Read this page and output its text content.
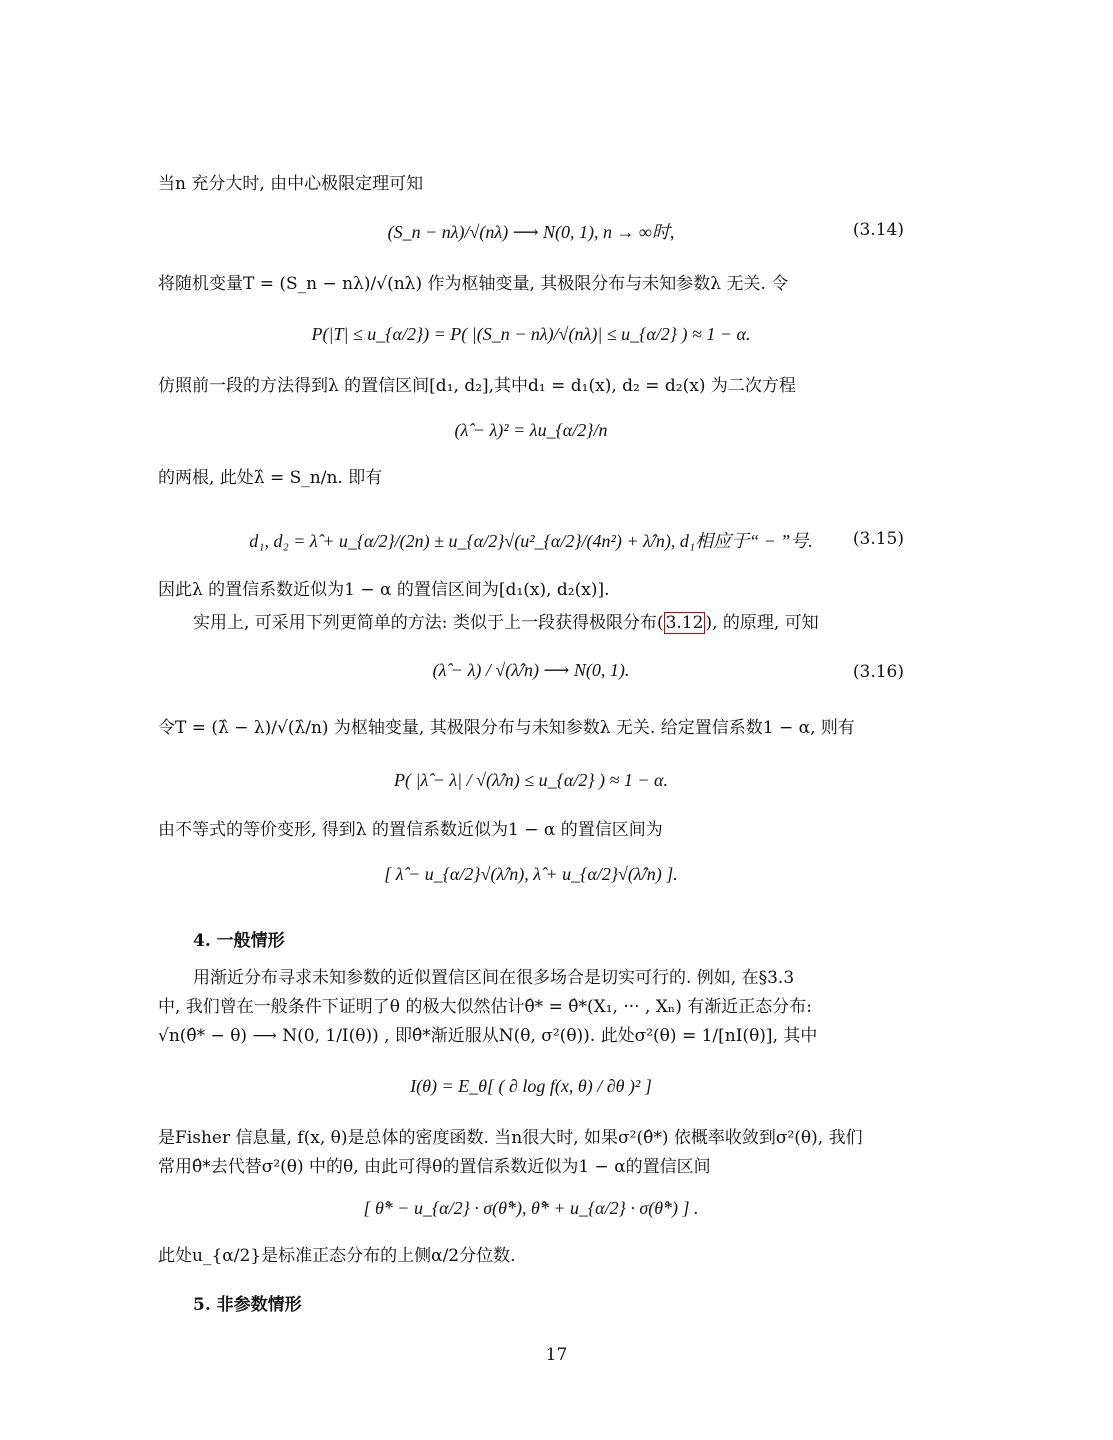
当n 充分大时, 由中心极限定理可知
(S_n − nλ)/√(nλ) ⟶ N(0, 1), n → ∞时,	(3.14)
将随机变量T = (S_n − nλ)/√(nλ) 作为枢轴变量, 其极限分布与未知参数λ 无关. 令
P(|T| ≤ u_{α/2}) = P( |(S_n − nλ)/√(nλ)| ≤ u_{α/2} ) ≈ 1 − α.
仿照前一段的方法得到λ 的置信区间[d₁, d₂],其中d₁ = d₁(x), d₂ = d₂(x) 为二次方程
(λ̂ − λ)² = λu_{α/2}/n
的两根, 此处λ̂ = S_n/n. 即有
d₁, d₂ = λ̂ + u_{α/2}/(2n) ± u_{α/2}√(u²_{α/2}/(4n²) + λ̂/n), d₁相应于“ − ”号.	(3.15)
因此λ 的置信系数近似为1 − α 的置信区间为[d₁(x), d₂(x)].
实用上, 可采用下列更简单的方法: 类似于上一段获得极限分布( 3.12 ), 的原理, 可知
(λ̂ − λ) / √(λ̂/n) ⟶ N(0, 1).	(3.16)
令T = (λ̂ − λ)/√(λ̂/n) 为枢轴变量, 其极限分布与未知参数λ 无关. 给定置信系数1 − α, 则有
P( |λ̂ − λ| / √(λ̂/n) ≤ u_{α/2} ) ≈ 1 − α.
由不等式的等价变形, 得到λ 的置信系数近似为1 − α 的置信区间为
[ λ̂ − u_{α/2}√(λ̂/n), λ̂ + u_{α/2}√(λ̂/n) ].
4. 一般情形
用渐近分布寻求未知参数的近似置信区间在很多场合是切实可行的. 例如, 在§3.3
中, 我们曾在一般条件下证明了θ 的极大似然估计θ̂* = θ̂*(X₁, ··· , Xₙ) 有渐近正态分布:
√n(θ̂* − θ) ⟶ N(0, 1/I(θ)) , 即θ̂*渐近服从N(θ, σ²(θ)). 此处σ²(θ) = 1/[nI(θ)], 其中
I(θ) = E_θ[ ( ∂ log f(x, θ) / ∂θ )² ]
是Fisher 信息量, f(x, θ)是总体的密度函数. 当n很大时, 如果σ²(θ̂*) 依概率收敛到σ²(θ), 我们
常用θ̂*去代替σ²(θ) 中的θ, 由此可得θ的置信系数近似为1 − α的置信区间
[ θ̂* − u_{α/2} · σ(θ̂*), θ̂* + u_{α/2} · σ(θ̂*) ] .
此处u_{α/2}是标准正态分布的上侧α/2分位数.
5. 非参数情形
17
